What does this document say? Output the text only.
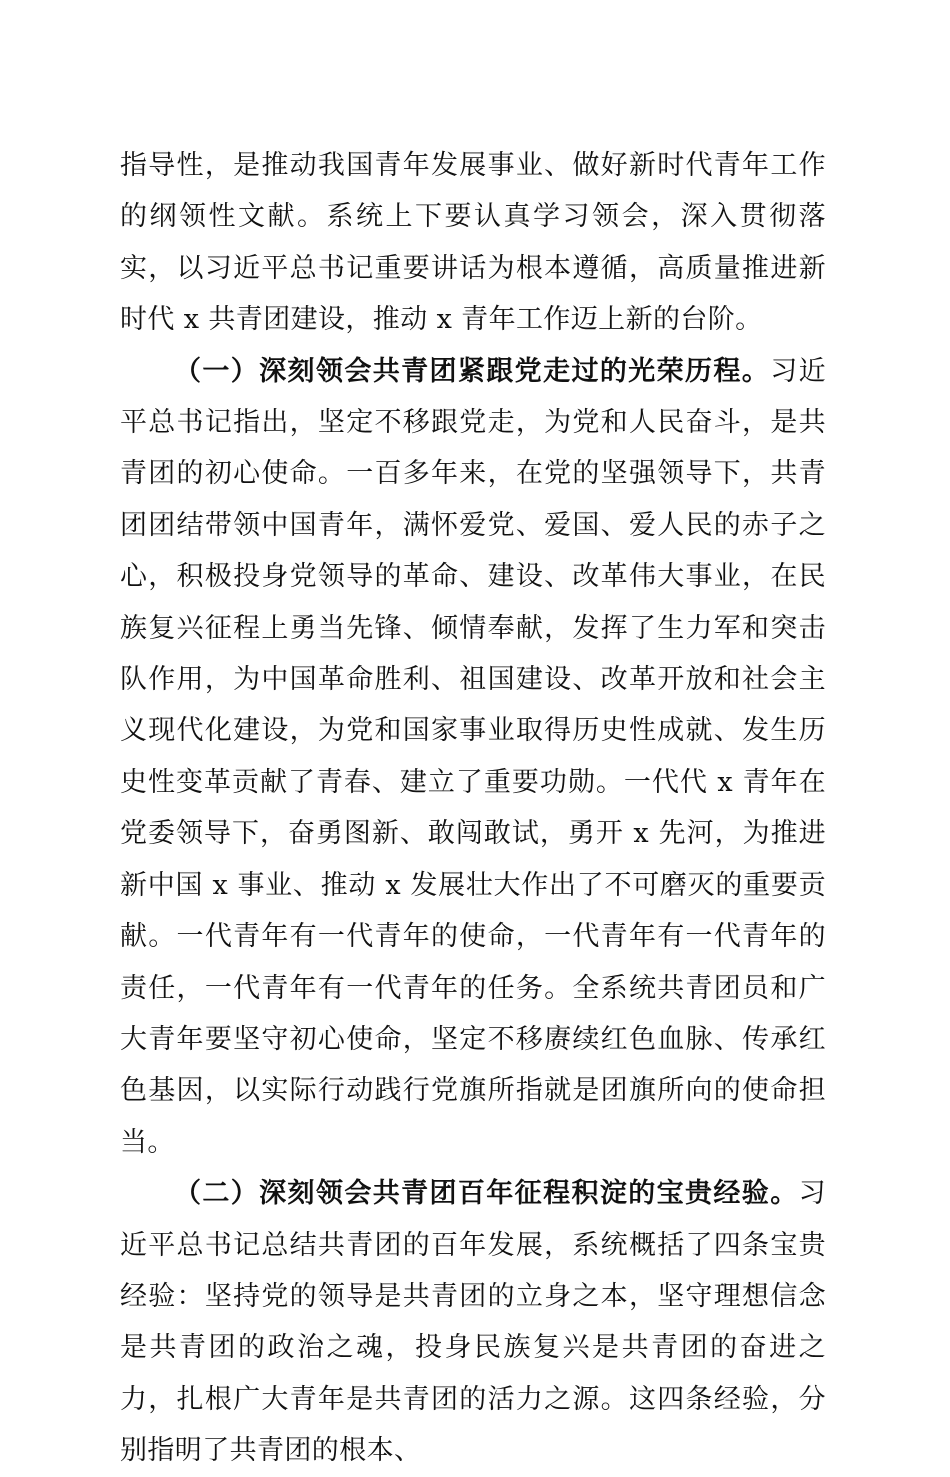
指导性，是推动我国青年发展事业、做好新时代青年工作的纲领性文献。系统上下要认真学习领会，深入贯彻落实，以习近平总书记重要讲话为根本遵循，高质量推进新时代 x 共青团建设，推动 x 青年工作迈上新的台阶。

（一）深刻领会共青团紧跟党走过的光荣历程。习近平总书记指出，坚定不移跟党走，为党和人民奋斗，是共青团的初心使命。一百多年来，在党的坚强领导下，共青团团结带领中国青年，满怀爱党、爱国、爱人民的赤子之心，积极投身党领导的革命、建设、改革伟大事业，在民族复兴征程上勇当先锋、倾情奉献，发挥了生力军和突击队作用，为中国革命胜利、祖国建设、改革开放和社会主义现代化建设，为党和国家事业取得历史性成就、发生历史性变革贡献了青春、建立了重要功勋。一代代 x 青年在党委领导下，奋勇图新、敢闯敢试，勇开 x 先河，为推进新中国 x 事业、推动 x 发展壮大作出了不可磨灭的重要贡献。一代青年有一代青年的使命，一代青年有一代青年的责任，一代青年有一代青年的任务。全系统共青团员和广大青年要坚守初心使命，坚定不移赓续红色血脉、传承红色基因，以实际行动践行党旗所指就是团旗所向的使命担当。

（二）深刻领会共青团百年征程积淀的宝贵经验。习近平总书记总结共青团的百年发展，系统概括了四条宝贵经验：坚持党的领导是共青团的立身之本，坚守理想信念是共青团的政治之魂，投身民族复兴是共青团的奋进之力，扎根广大青年是共青团的活力之源。这四条经验，分别指明了共青团的根本、
